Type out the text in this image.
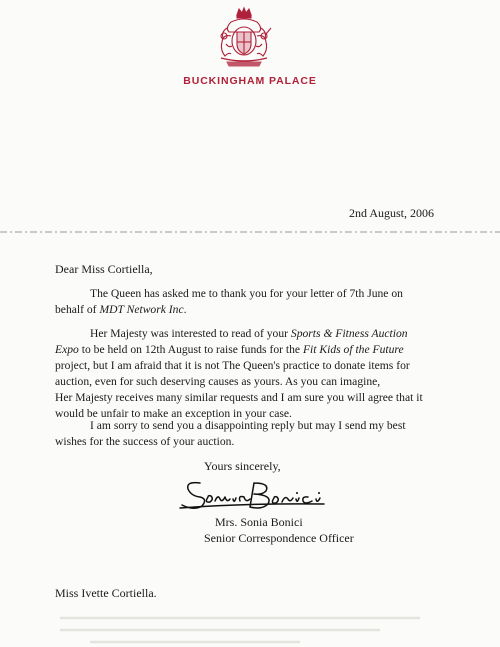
BUCKINGHAM PALACE
2nd August, 2006
Dear Miss Cortiella,
The Queen has asked me to thank you for your letter of 7th June on
behalf of MDT Network Inc.
Her Majesty was interested to read of your Sports & Fitness Auction
Expo to be held on 12th August to raise funds for the Fit Kids of the Future
project, but I am afraid that it is not The Queen's practice to donate items for
auction, even for such deserving causes as yours. As you can imagine,
Her Majesty receives many similar requests and I am sure you will agree that it
would be unfair to make an exception in your case.
I am sorry to send you a disappointing reply but may I send my best
wishes for the success of your auction.
Yours sincerely,
Mrs. Sonia Bonici
Senior Correspondence Officer
Miss Ivette Cortiella.
